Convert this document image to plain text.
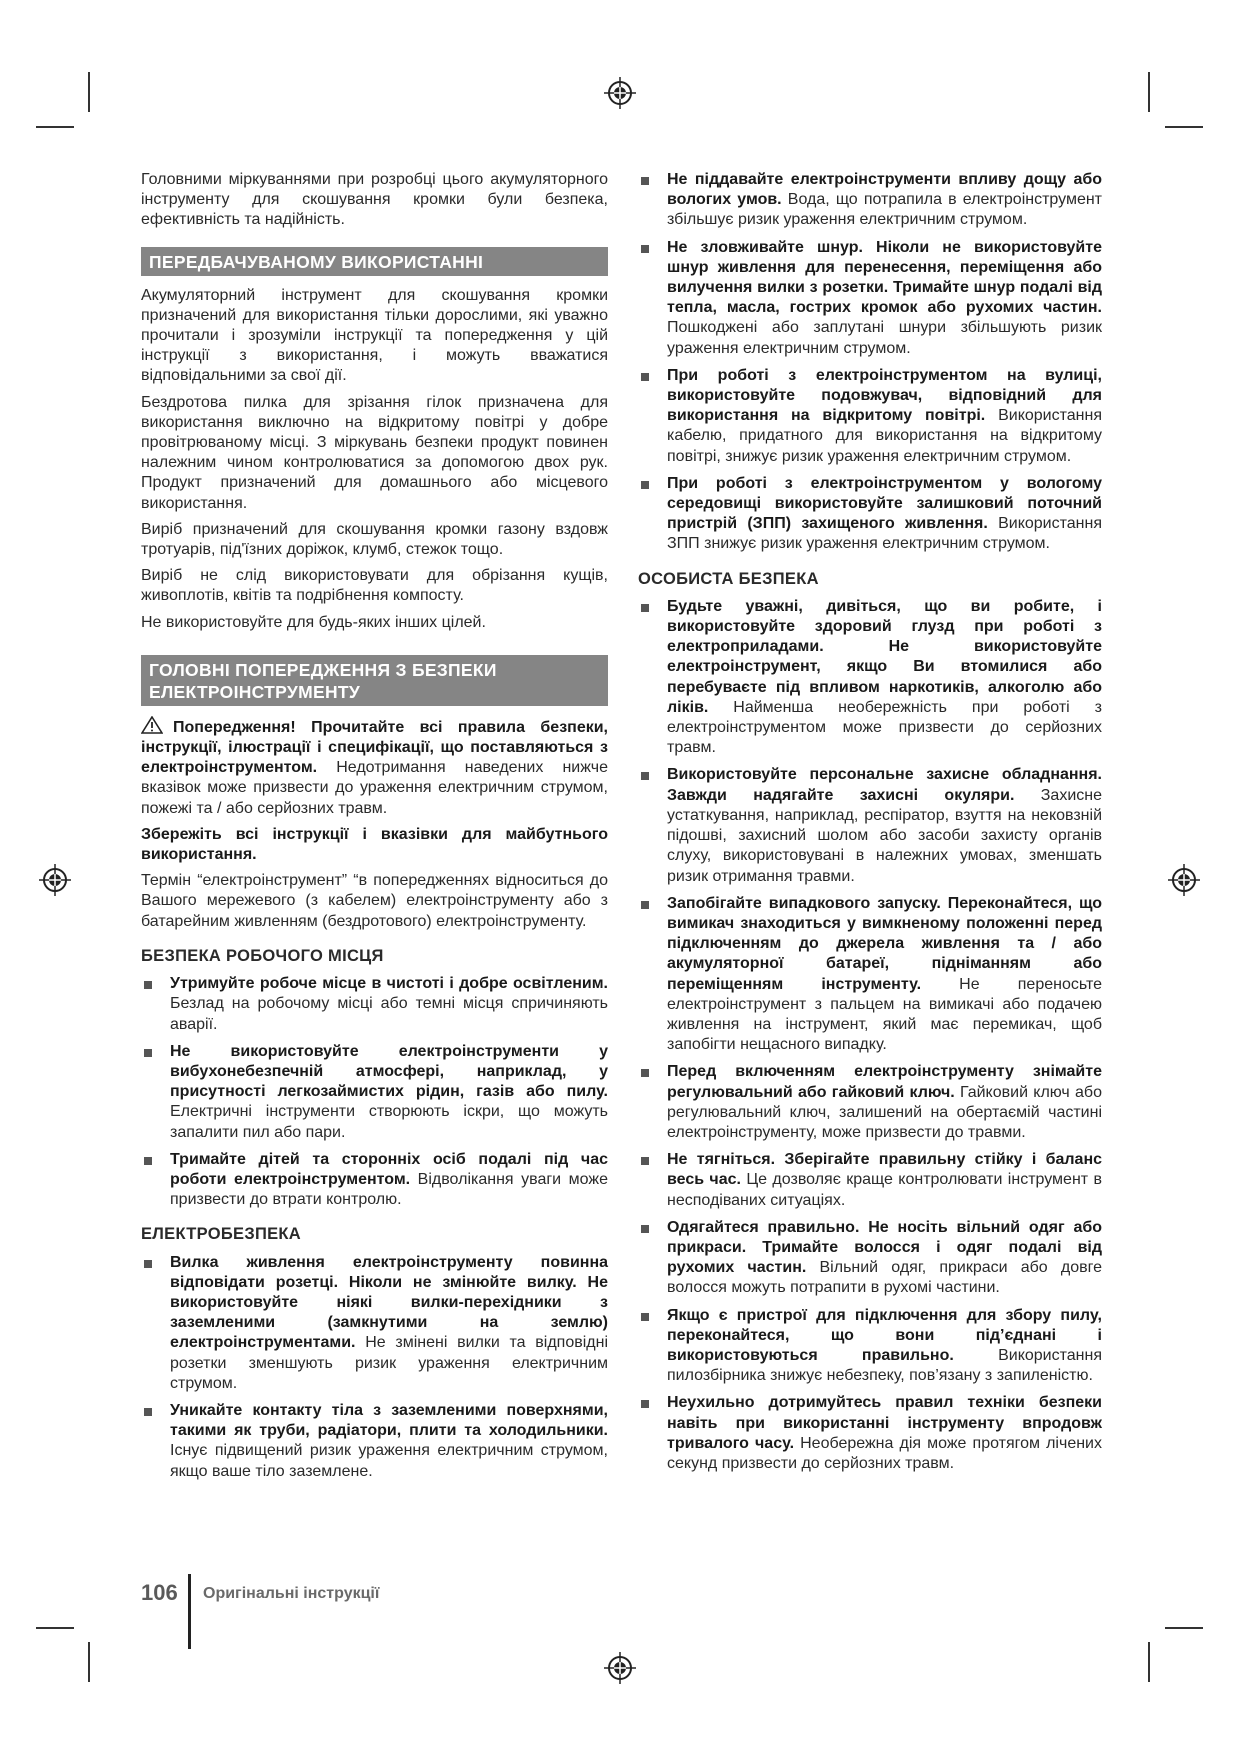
Головними міркуваннями при розробці цього акумуляторного інструменту для скошування кромки були безпека, ефективність та надійність.

ПЕРЕДБАЧУВАНОМУ ВИКОРИСТАННІ

Акумуляторний інструмент для скошування кромки призначений для використання тільки дорослими, які уважно прочитали і зрозуміли інструкції та попередження у цій інструкції з використання, і можуть вважатися відповідальними за свої дії.

Бездротова пилка для зрізання гілок призначена для використання виключно на відкритому повітрі у добре провітрюваному місці. З міркувань безпеки продукт повинен належним чином контролюватися за допомогою двох рук. Продукт призначений для домашнього або місцевого використання.

Виріб призначений для скошування кромки газону вздовж тротуарів, під'їзних доріжок, клумб, стежок тощо.

Виріб не слід використовувати для обрізання кущів, живоплотів, квітів та подрібнення компосту.

Не використовуйте для будь-яких інших цілей.

ГОЛОВНІ ПОПЕРЕДЖЕННЯ З БЕЗПЕКИ
ЕЛЕКТРОІНСТРУМЕНТУ

Попередження! Прочитайте всі правила безпеки, інструкції, ілюстрації і специфікації, що поставляються з електроінструментом. Недотримання наведених нижче вказівок може призвести до ураження електричним струмом, пожежі та / або серйозних травм.

Збережіть всі інструкції і вказівки для майбутнього використання.

Термін “електроінструмент” “в попередженнях відноситься до Вашого мережевого (з кабелем) електроінструменту або з батарейним живленням (бездротового) електроінструменту.

БЕЗПЕКА РОБОЧОГО МІСЦЯ
Утримуйте робоче місце в чистоті і добре освітленим. Безлад на робочому місці або темні місця спричиняють аварії.
Не використовуйте електроінструменти у вибухонебезпечній атмосфері, наприклад, у присутності легкозаймистих рідин, газів або пилу. Електричні інструменти створюють іскри, що можуть запалити пил або пари.
Тримайте дітей та сторонніх осіб подалі під час роботи електроінструментом. Відволікання уваги може призвести до втрати контролю.
ЕЛЕКТРОБЕЗПЕКА
Вилка живлення електроінструменту повинна відповідати розетці. Ніколи не змінюйте вилку. Не використовуйте ніякі вилки-перехідники з заземленими (замкнутими на землю) електроінструментами. Не змінені вилки та відповідні розетки зменшують ризик ураження електричним струмом.
Уникайте контакту тіла з заземленими поверхнями, такими як труби, радіатори, плити та холодильники. Існує підвищений ризик ураження електричним струмом, якщо ваше тіло заземлене.
Не піддавайте електроінструменти впливу дощу або вологих умов. Вода, що потрапила в електроінструмент збільшує ризик ураження електричним струмом.
Не зловживайте шнур. Ніколи не використовуйте шнур живлення для перенесення, переміщення або вилучення вилки з розетки. Тримайте шнур подалі від тепла, масла, гострих кромок або рухомих частин. Пошкоджені або заплутані шнури збільшують ризик ураження електричним струмом.
При роботі з електроінструментом на вулиці, використовуйте подовжувач, відповідний для використання на відкритому повітрі. Використання кабелю, придатного для використання на відкритому повітрі, знижує ризик ураження електричним струмом.
При роботі з електроінструментом у вологому середовищі використовуйте залишковий поточний пристрій (ЗПП) захищеного живлення. Використання ЗПП знижує ризик ураження електричним струмом.
ОСОБИСТА БЕЗПЕКА
Будьте уважні, дивіться, що ви робите, і використовуйте здоровий глузд при роботі з електроприладами. Не використовуйте електроінструмент, якщо Ви втомилися або перебуваєте під впливом наркотиків, алкоголю або ліків. Найменша необережність при роботі з електроінструментом може призвести до серйозних травм.
Використовуйте персональне захисне обладнання. Завжди надягайте захисні окуляри. Захисне устаткування, наприклад, респіратор, взуття на нековзній підошві, захисний шолом або засоби захисту органів слуху, використовувані в належних умовах, зменшать ризик отримання травми.
Запобігайте випадкового запуску. Переконайтеся, що вимикач знаходиться у вимкненому положенні перед підключенням до джерела живлення та / або акумуляторної батареї, підніманням або переміщенням інструменту. Не переносьте електроінструмент з пальцем на вимикачі або подачею живлення на інструмент, який має перемикач, щоб запобігти нещасного випадку.
Перед включенням електроінструменту знімайте регулювальний або гайковий ключ. Гайковий ключ або регулювальний ключ, залишений на обертаємій частині електроінструменту, може призвести до травми.
Не тягніться. Зберігайте правильну стійку і баланс весь час. Це дозволяє краще контролювати інструмент в несподіваних ситуаціях.
Одягайтеся правильно. Не носіть вільний одяг або прикраси. Тримайте волосся і одяг подалі від рухомих частин. Вільний одяг, прикраси або довге волосся можуть потрапити в рухомі частини.
Якщо є пристрої для підключення для збору пилу, переконайтеся, що вони під’єднані і використовуються правильно. Використання пилозбірника знижує небезпеку, пов’язану з запиленістю.
Неухильно дотримуйтесь правил техніки безпеки навіть при використанні інструменту впродовж тривалого часу. Необережна дія може протягом лічених секунд призвести до серйозних травм.
106 Оригінальні інструкції
